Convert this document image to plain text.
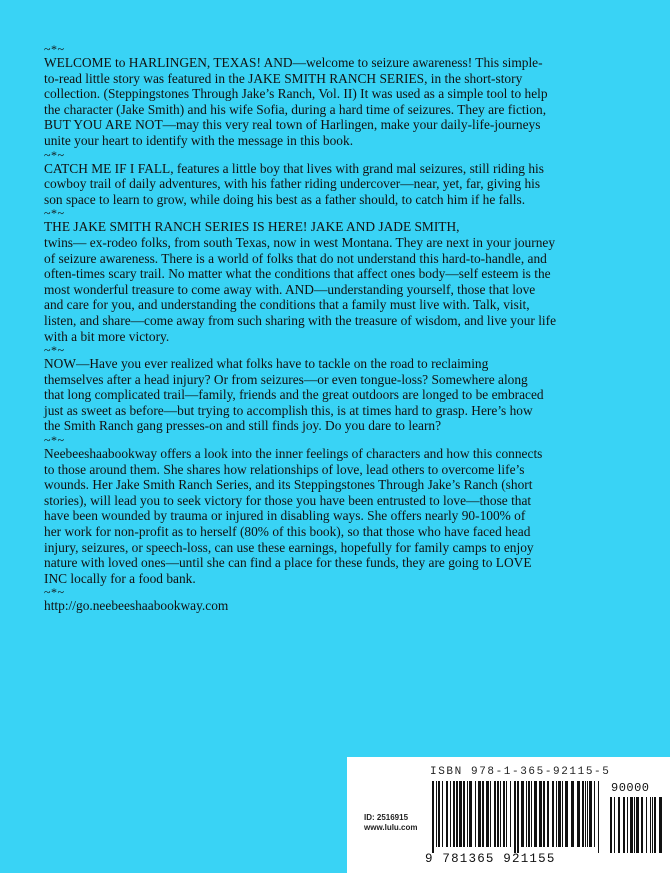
~*~

WELCOME to HARLINGEN, TEXAS! AND—welcome to seizure awareness! This simple-
to-read little story was featured in the JAKE SMITH RANCH SERIES, in the short-story
collection. (Steppingstones Through Jake’s Ranch, Vol. II) It was used as a simple tool to help
the character (Jake Smith) and his wife Sofia, during a hard time of seizures. They are fiction,
BUT YOU ARE NOT—may this very real town of Harlingen, make your daily-life-journeys
unite your heart to identify with the message in this book.

~*~

CATCH ME IF I FALL, features a little boy that lives with grand mal seizures, still riding his
cowboy trail of daily adventures, with his father riding undercover—near, yet, far, giving his
son space to learn to grow, while doing his best as a father should, to catch him if he falls.

~*~

THE JAKE SMITH RANCH SERIES IS HERE! JAKE AND JADE SMITH,
twins— ex-rodeo folks, from south Texas, now in west Montana. They are next in your journey
of seizure awareness. There is a world of folks that do not understand this hard-to-handle, and
often-times scary trail. No matter what the conditions that affect ones body—self esteem is the
most wonderful treasure to come away with. AND—understanding yourself, those that love
and care for you, and understanding the conditions that a family must live with. Talk, visit,
listen, and share—come away from such sharing with the treasure of wisdom, and live your life
with a bit more victory.

~*~

NOW—Have you ever realized what folks have to tackle on the road to reclaiming
themselves after a head injury? Or from seizures—or even tongue-loss? Somewhere along
that long complicated trail—family, friends and the great outdoors are longed to be embraced
just as sweet as before—but trying to accomplish this, is at times hard to grasp. Here’s how
the Smith Ranch gang presses-on and still finds joy. Do you dare to learn?

~*~

Neebeeshaabookway offers a look into the inner feelings of characters and how this connects
to those around them. She shares how relationships of love, lead others to overcome life’s
wounds. Her Jake Smith Ranch Series, and its Steppingstones Through Jake’s Ranch (short
stories), will lead you to seek victory for those you have been entrusted to love—those that
have been wounded by trauma or injured in disabling ways. She offers nearly 90-100% of
her work for non-profit as to herself (80% of this book), so that those who have faced head
injury, seizures, or speech-loss, can use these earnings, hopefully for family camps to enjoy
nature with loved ones—until she can find a place for these funds, they are going to LOVE
INC locally for a food bank.

~*~

http://go.neebeeshaabookway.com

ID: 2516915
www.lulu.com
ISBN 978-1-365-92115-5
9 781365 921155
90000
